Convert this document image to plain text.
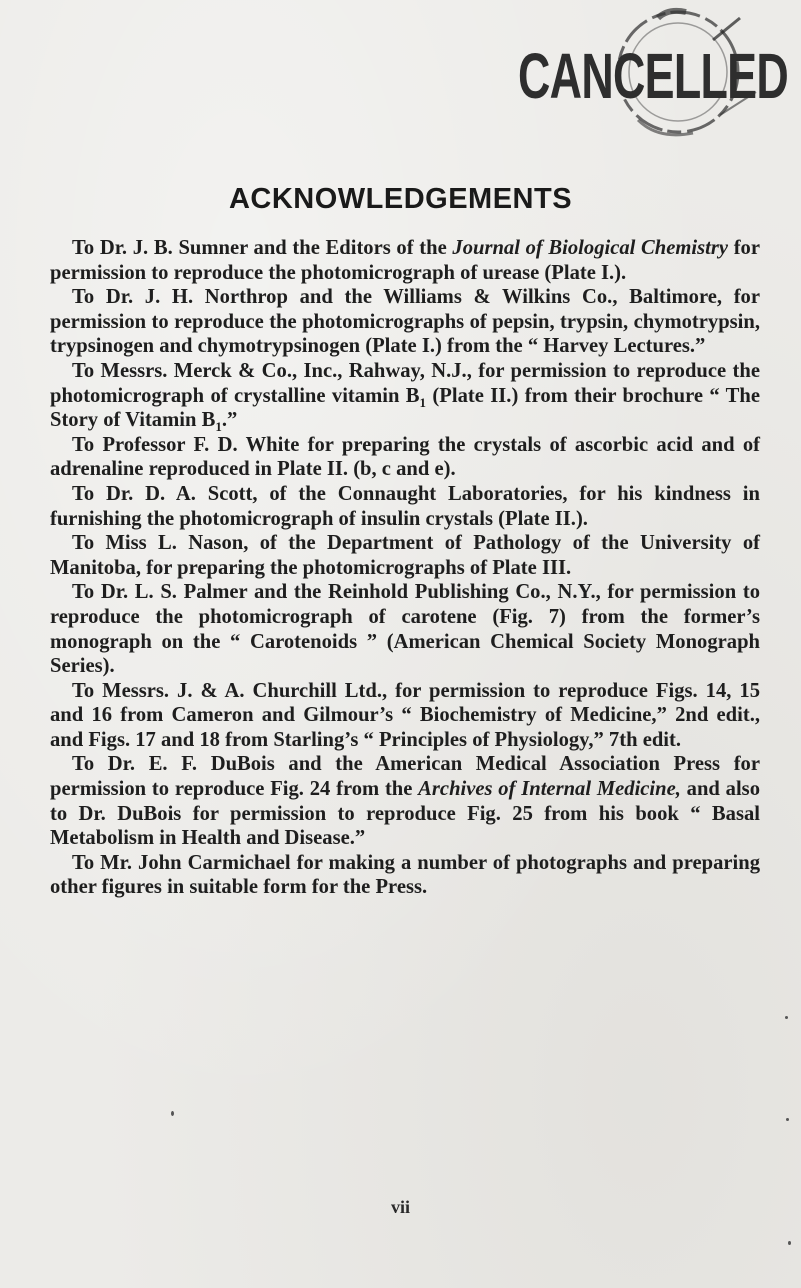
CANCELLED
ACKNOWLEDGEMENTS

To Dr. J. B. Sumner and the Editors of the Journal of Biological Chemistry for permission to reproduce the photomicrograph of urease (Plate I.).

To Dr. J. H. Northrop and the Williams & Wilkins Co., Baltimore, for permission to reproduce the photomicrographs of pepsin, trypsin, chymotrypsin, trypsinogen and chymotrypsinogen (Plate I.) from the “ Harvey Lectures.”

To Messrs. Merck & Co., Inc., Rahway, N.J., for permission to reproduce the photomicrograph of crystalline vitamin $B_1$ (Plate II.) from their brochure “ The Story of Vitamin $B_1$.”

To Professor F. D. White for preparing the crystals of ascorbic acid and of adrenaline reproduced in Plate II. (b, c and e).

To Dr. D. A. Scott, of the Connaught Laboratories, for his kindness in furnishing the photomicrograph of insulin crystals (Plate II.).

To Miss L. Nason, of the Department of Pathology of the University of Manitoba, for preparing the photomicrographs of Plate III.

To Dr. L. S. Palmer and the Reinhold Publishing Co., N.Y., for permission to reproduce the photomicrograph of carotene (Fig. 7) from the former’s monograph on the “ Carotenoids ” (American Chemical Society Monograph Series).

To Messrs. J. & A. Churchill Ltd., for permission to reproduce Figs. 14, 15 and 16 from Cameron and Gilmour’s “ Biochemistry of Medicine,” 2nd edit., and Figs. 17 and 18 from Starling’s “ Principles of Physiology,” 7th edit.

To Dr. E. F. DuBois and the American Medical Association Press for permission to reproduce Fig. 24 from the Archives of Internal Medicine, and also to Dr. DuBois for permission to reproduce Fig. 25 from his book “ Basal Metabolism in Health and Disease.”

To Mr. John Carmichael for making a number of photographs and preparing other figures in suitable form for the Press.

vii
